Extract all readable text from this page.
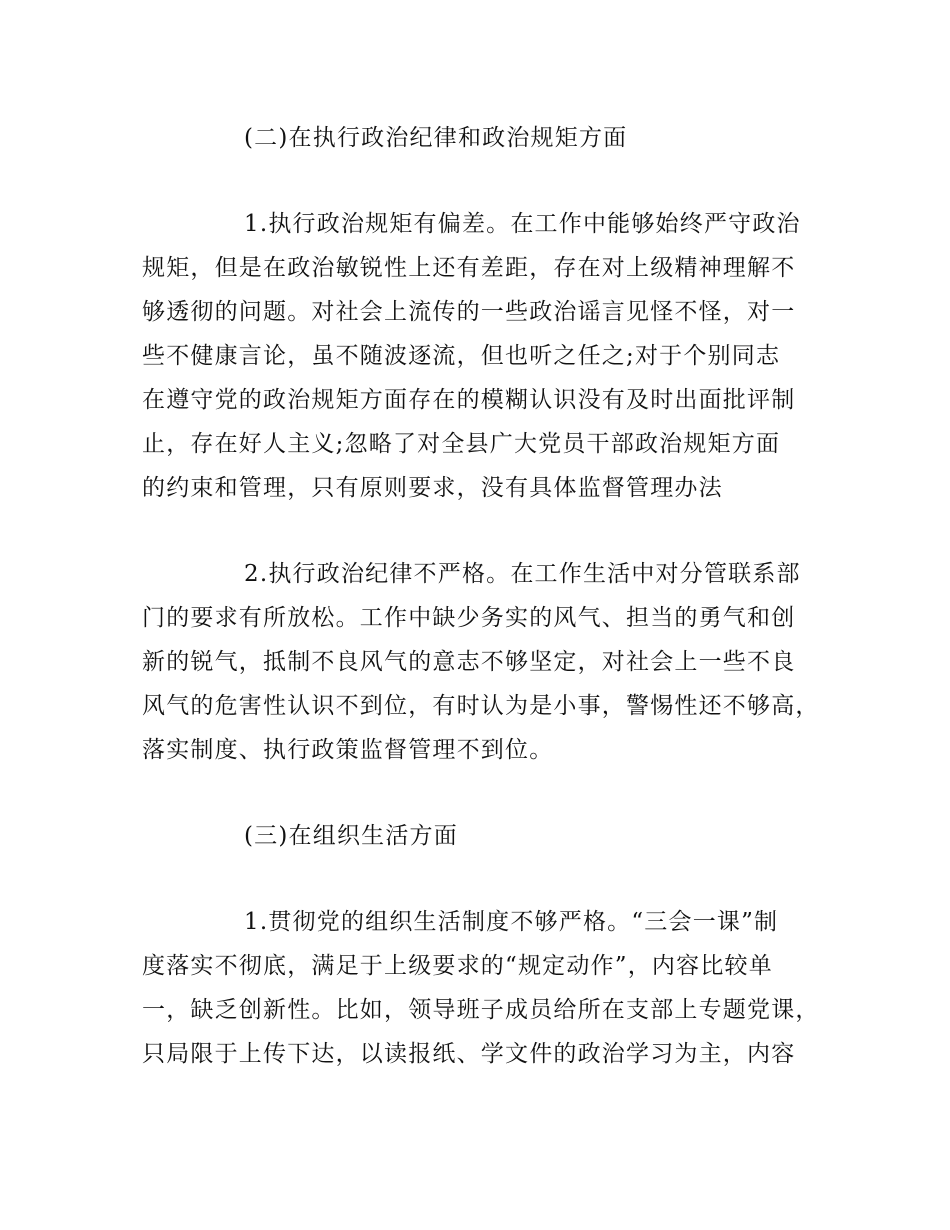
(二)在执行政治纪律和政治规矩方面
1.执行政治规矩有偏差。在工作中能够始终严守政治
规矩，但是在政治敏锐性上还有差距，存在对上级精神理解不
够透彻的问题。对社会上流传的一些政治谣言见怪不怪，对一
些不健康言论，虽不随波逐流，但也听之任之;对于个别同志
在遵守党的政治规矩方面存在的模糊认识没有及时出面批评制
止，存在好人主义;忽略了对全县广大党员干部政治规矩方面
的约束和管理，只有原则要求，没有具体监督管理办法
2.执行政治纪律不严格。在工作生活中对分管联系部
门的要求有所放松。工作中缺少务实的风气、担当的勇气和创
新的锐气，抵制不良风气的意志不够坚定，对社会上一些不良
风气的危害性认识不到位，有时认为是小事，警惕性还不够高，
落实制度、执行政策监督管理不到位。
(三)在组织生活方面
1.贯彻党的组织生活制度不够严格。“三会一课”制
度落实不彻底，满足于上级要求的“规定动作”，内容比较单
一，缺乏创新性。比如，领导班子成员给所在支部上专题党课，
只局限于上传下达，以读报纸、学文件的政治学习为主，内容
